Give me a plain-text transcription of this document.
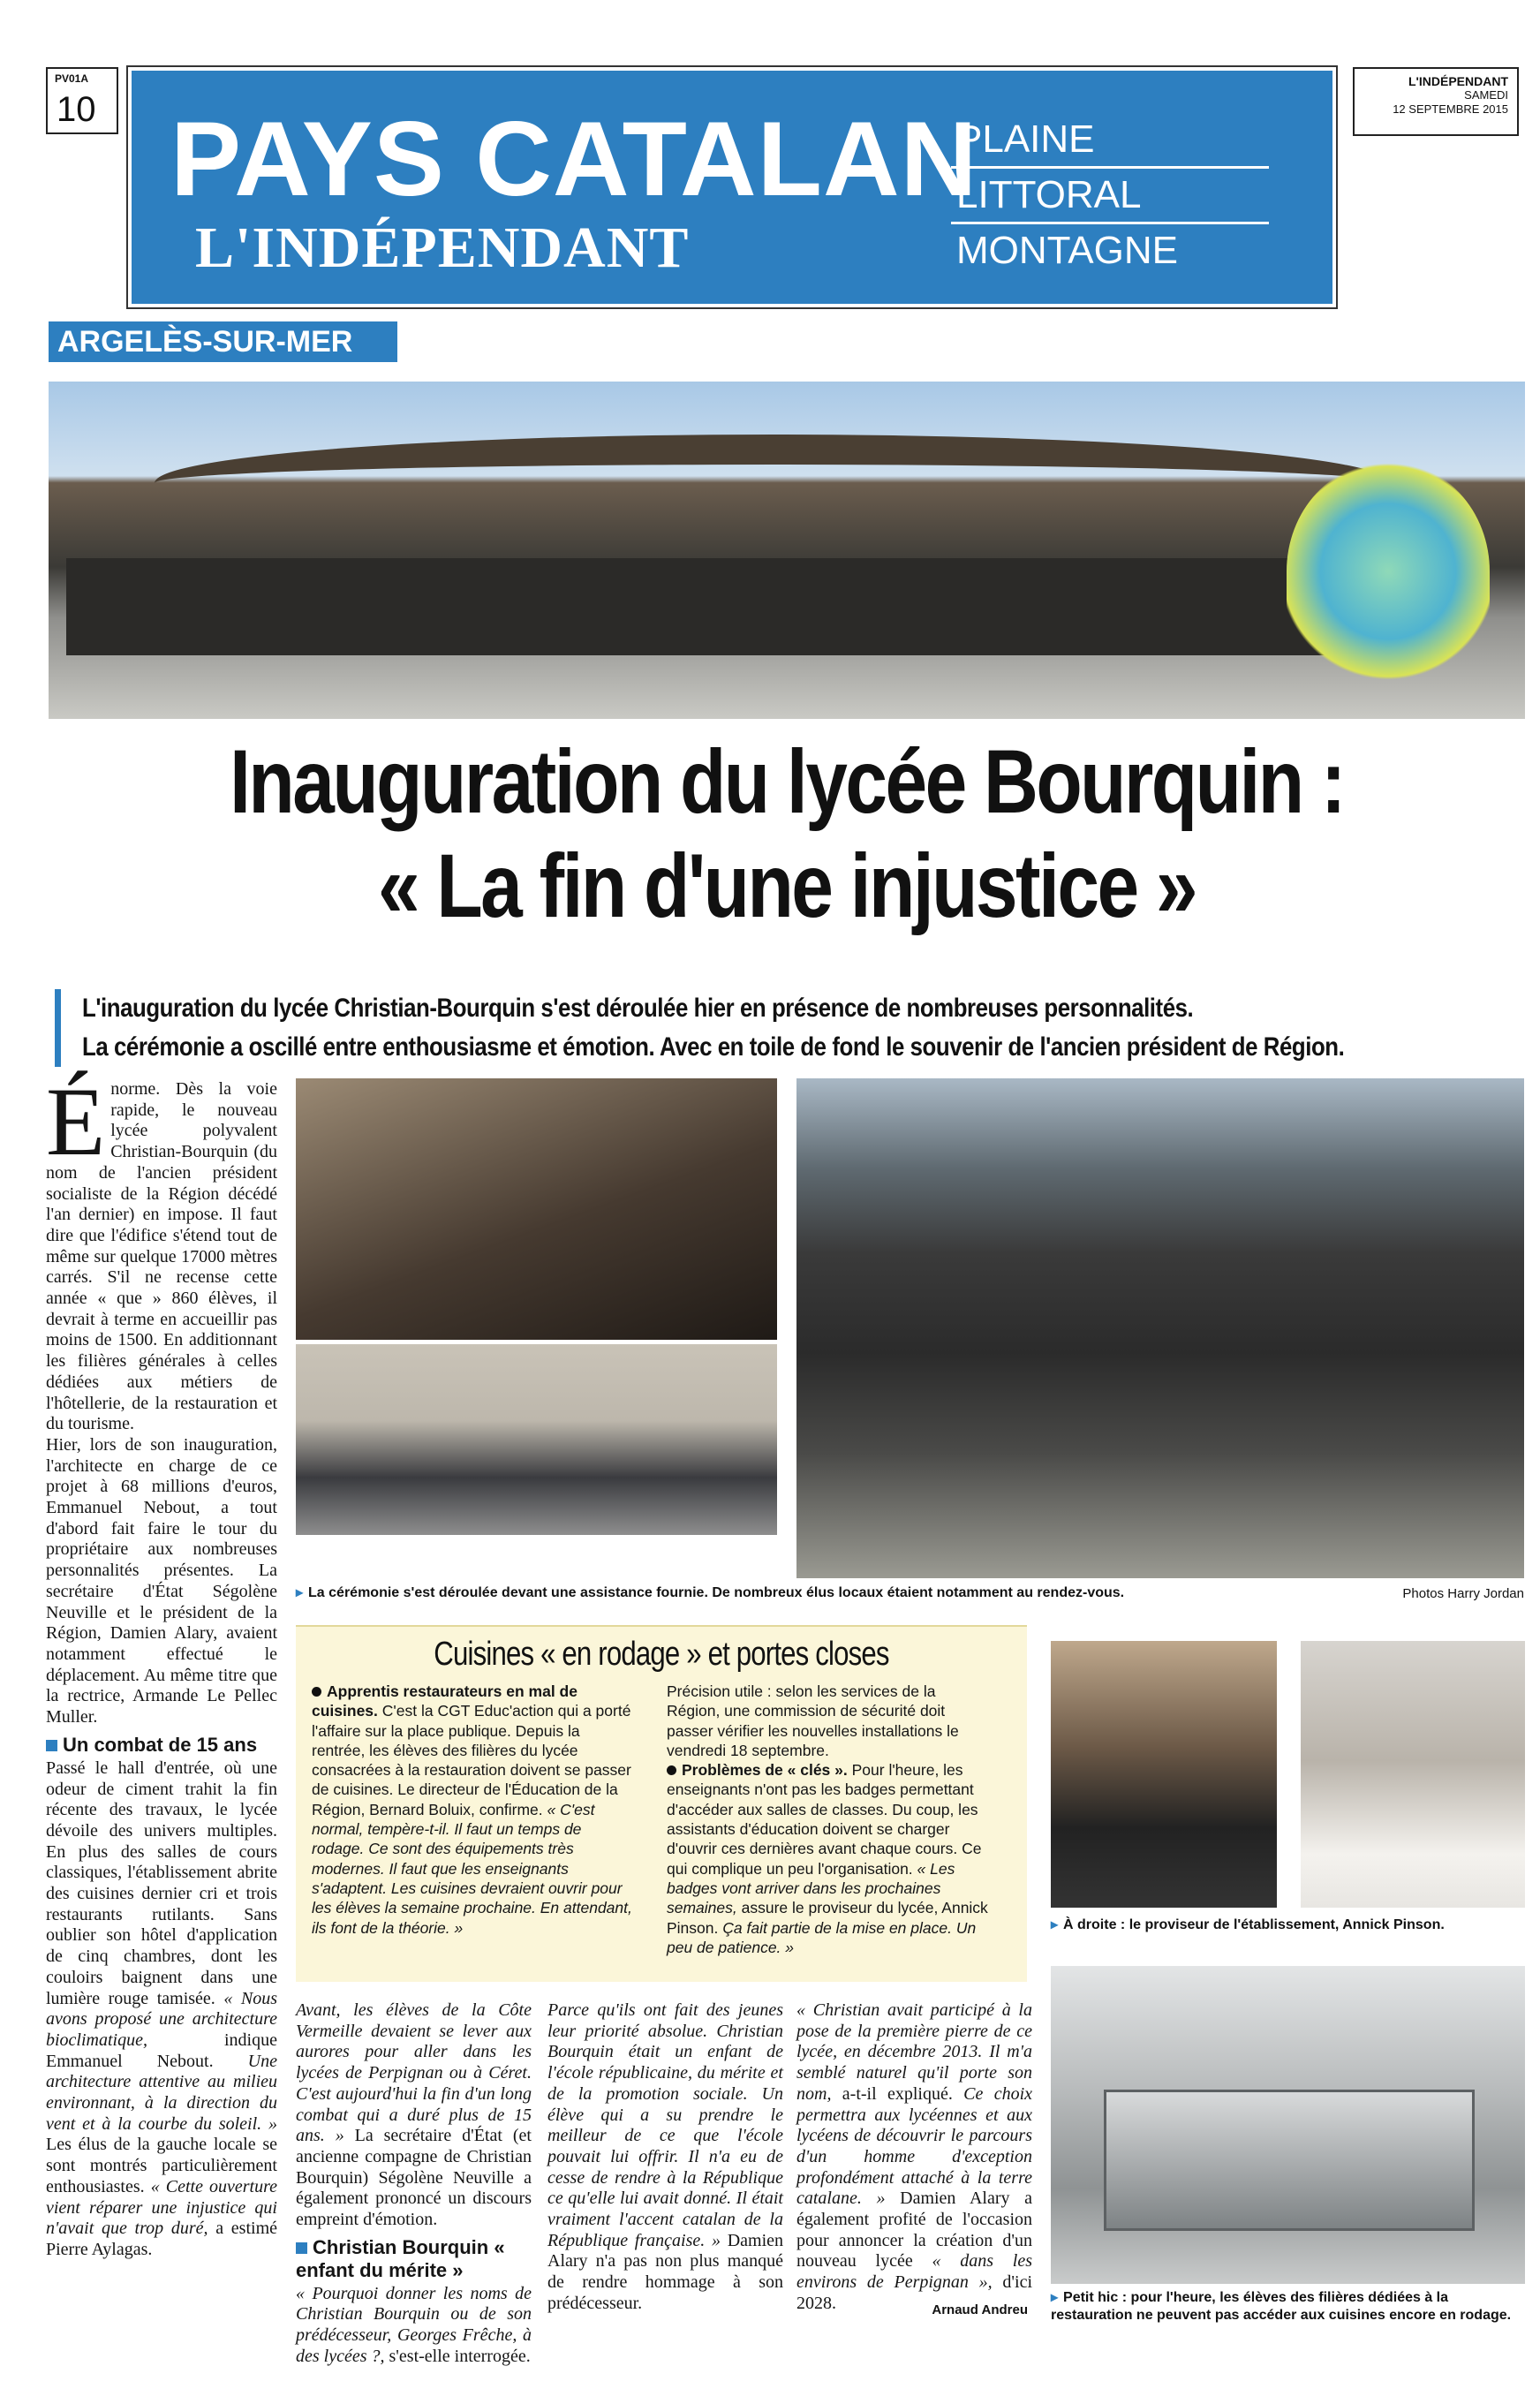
PV01A
10 PAYS CATALAN
L'INDÉPENDANT
PLAINE
LITTORAL
MONTAGNE
L'INDÉPENDANT
SAMEDI
12 SEPTEMBRE 2015
ARGELÈS-SUR-MER
Inauguration du lycée Bourquin :
« La fin d'une injustice »

L'inauguration du lycée Christian-Bourquin s'est déroulée hier en présence de nombreuses personnalités.

La cérémonie a oscillé entre enthousiasme et émotion. Avec en toile de fond le souvenir de l'ancien président de Région.

É norme. Dès la voie rapide, le nouveau lycée polyvalent Christian-Bourquin (du nom de l'ancien président socialiste de la Région décédé l'an dernier) en impose. Il faut dire que l'édifice s'étend tout de même sur quelque 17000 mètres carrés. S'il ne recense cette année « que » 860 élèves, il devrait à terme en accueillir pas moins de 1500. En additionnant les filières générales à celles dédiées aux métiers de l'hôtellerie, de la restauration et du tourisme.

Hier, lors de son inauguration, l'architecte en charge de ce projet à 68 millions d'euros, Emmanuel Nebout, a tout d'abord fait faire le tour du propriétaire aux nombreuses personnalités présentes. La secrétaire d'État Ségolène Neuville et le président de la Région, Damien Alary, avaient notamment effectué le déplacement. Au même titre que la rectrice, Armande Le Pellec Muller.

Un combat de 15 ans

Passé le hall d'entrée, où une odeur de ciment trahit la fin récente des travaux, le lycée dévoile des univers multiples. En plus des salles de cours classiques, l'établissement abrite des cuisines dernier cri et trois restaurants rutilants. Sans oublier son hôtel d'application de cinq chambres, dont les couloirs baignent dans une lumière rouge tamisée. « Nous avons proposé une architecture bioclimatique,	indique Emmanuel Nebout. Une architecture attentive au milieu environnant, à la direction du vent et à la courbe du soleil. » Les élus de la gauche locale se sont montrés particulièrement enthousiastes. « Cette ouverture vient réparer une injustice qui n'avait que trop duré, a estimé Pierre Aylagas.

▸ La cérémonie s'est déroulée devant une assistance fournie. De nombreux élus locaux étaient notamment au rendez-vous.	Photos Harry Jordan
Cuisines « en rodage » et portes closes
Apprentis restaurateurs en mal de cuisines. C'est la CGT Educ'action qui a porté l'affaire sur la place publique. Depuis la rentrée, les élèves des filières du lycée consacrées à la restauration doivent se passer de cuisines. Le directeur de l'Éducation de la Région, Bernard Boluix, confirme. « C'est normal, tempère-t-il. Il faut un temps de rodage. Ce sont des équipements très modernes. Il faut que les enseignants s'adaptent. Les cuisines devraient ouvrir pour les élèves la semaine prochaine. En attendant, ils font de la théorie. »
Précision utile : selon les services de la Région, une commission de sécurité doit passer vérifier les nouvelles installations le vendredi 18 septembre.
Problèmes de « clés ». Pour l'heure, les enseignants n'ont pas les badges permettant d'accéder aux salles de classes. Du coup, les assistants d'éducation doivent se charger d'ouvrir ces dernières avant chaque cours. Ce qui complique un peu l'organisation. « Les badges vont arriver dans les prochaines semaines, assure le proviseur du lycée, Annick Pinson. Ça fait partie de la mise en place. Un peu de patience. »
▸ À droite : le proviseur de l'établissement, Annick Pinson.
▸ Petit hic : pour l'heure, les élèves des filières dédiées à la restauration ne peuvent pas accéder aux cuisines encore en rodage.

Avant, les élèves de la Côte Vermeille devaient se lever aux aurores pour aller dans les lycées de Perpignan ou à Céret. C'est aujourd'hui la fin d'un long combat qui a duré plus de 15 ans. » La secrétaire d'État (et ancienne compagne de Christian Bourquin) Ségolène Neuville a également prononcé un discours empreint d'émotion.

Christian Bourquin « enfant du mérite »

« Pourquoi donner les noms de Christian Bourquin ou de son prédécesseur, Georges Frêche, à des lycées ?, s'est-elle interrogée.

Parce qu'ils ont fait des jeunes leur priorité absolue. Christian Bourquin était un enfant de l'école républicaine, du mérite et de la promotion sociale. Un élève qui a su prendre le meilleur de ce que l'école pouvait lui offrir. Il n'a eu de cesse de rendre à la République ce qu'elle lui avait donné. Il était vraiment l'accent catalan de la République française. » Damien Alary n'a pas non plus manqué de rendre hommage à son prédécesseur.

« Christian avait participé à la pose de la première pierre de ce lycée, en décembre 2013. Il m'a semblé naturel qu'il porte son nom, a-t-il expliqué. Ce choix permettra aux lycéennes et aux lycéens de découvrir le parcours d'un homme d'exception profondément attaché à la terre catalane. » Damien Alary a également profité de l'occasion pour annoncer la création d'un nouveau lycée « dans les environs de Perpignan », d'ici 2028.	Arnaud Andreu
